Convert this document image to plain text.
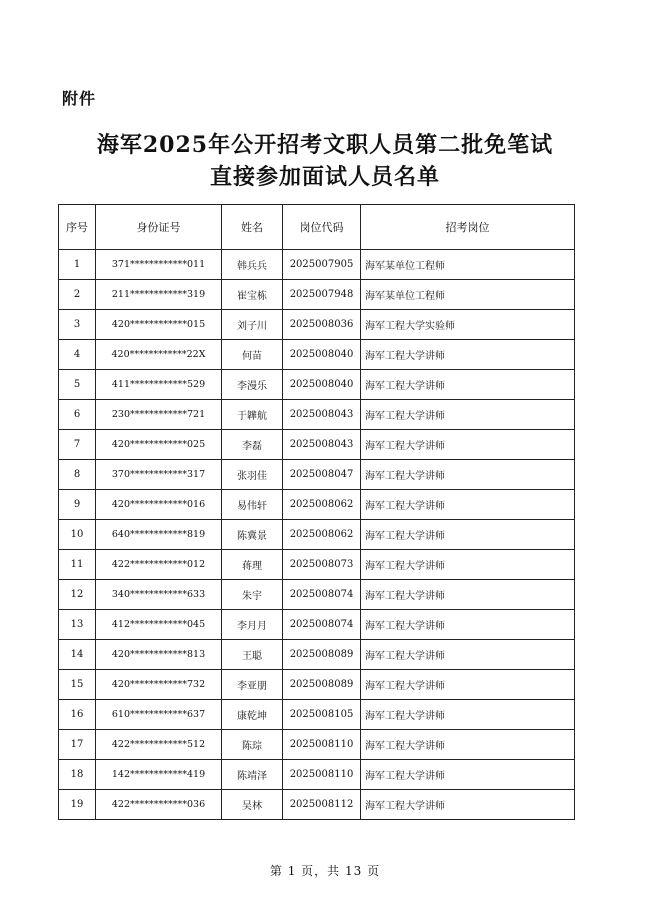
附件
海军2025年公开招考文职人员第二批免笔试
直接参加面试人员名单
序号	身份证号	姓名	岗位代码	招考岗位
1	371************011	韩兵兵	2025007905	海军某单位工程师
2	211************319	崔宝栋	2025007948	海军某单位工程师
3	420************015	刘子川	2025008036	海军工程大学实验师
4	420************22X	何苗	2025008040	海军工程大学讲师
5	411************529	李漫乐	2025008040	海军工程大学讲师
6	230************721	于韡航	2025008043	海军工程大学讲师
7	420************025	李磊	2025008043	海军工程大学讲师
8	370************317	张羽佳	2025008047	海军工程大学讲师
9	420************016	易伟轩	2025008062	海军工程大学讲师
10	640************819	陈冀景	2025008062	海军工程大学讲师
11	422************012	蒋理	2025008073	海军工程大学讲师
12	340************633	朱宇	2025008074	海军工程大学讲师
13	412************045	李月月	2025008074	海军工程大学讲师
14	420************813	王聪	2025008089	海军工程大学讲师
15	420************732	李亚朋	2025008089	海军工程大学讲师
16	610************637	康乾坤	2025008105	海军工程大学讲师
17	422************512	陈琮	2025008110	海军工程大学讲师
18	142************419	陈靖泽	2025008110	海军工程大学讲师
19	422************036	吴林	2025008112	海军工程大学讲师
第 1 页，共 13 页
